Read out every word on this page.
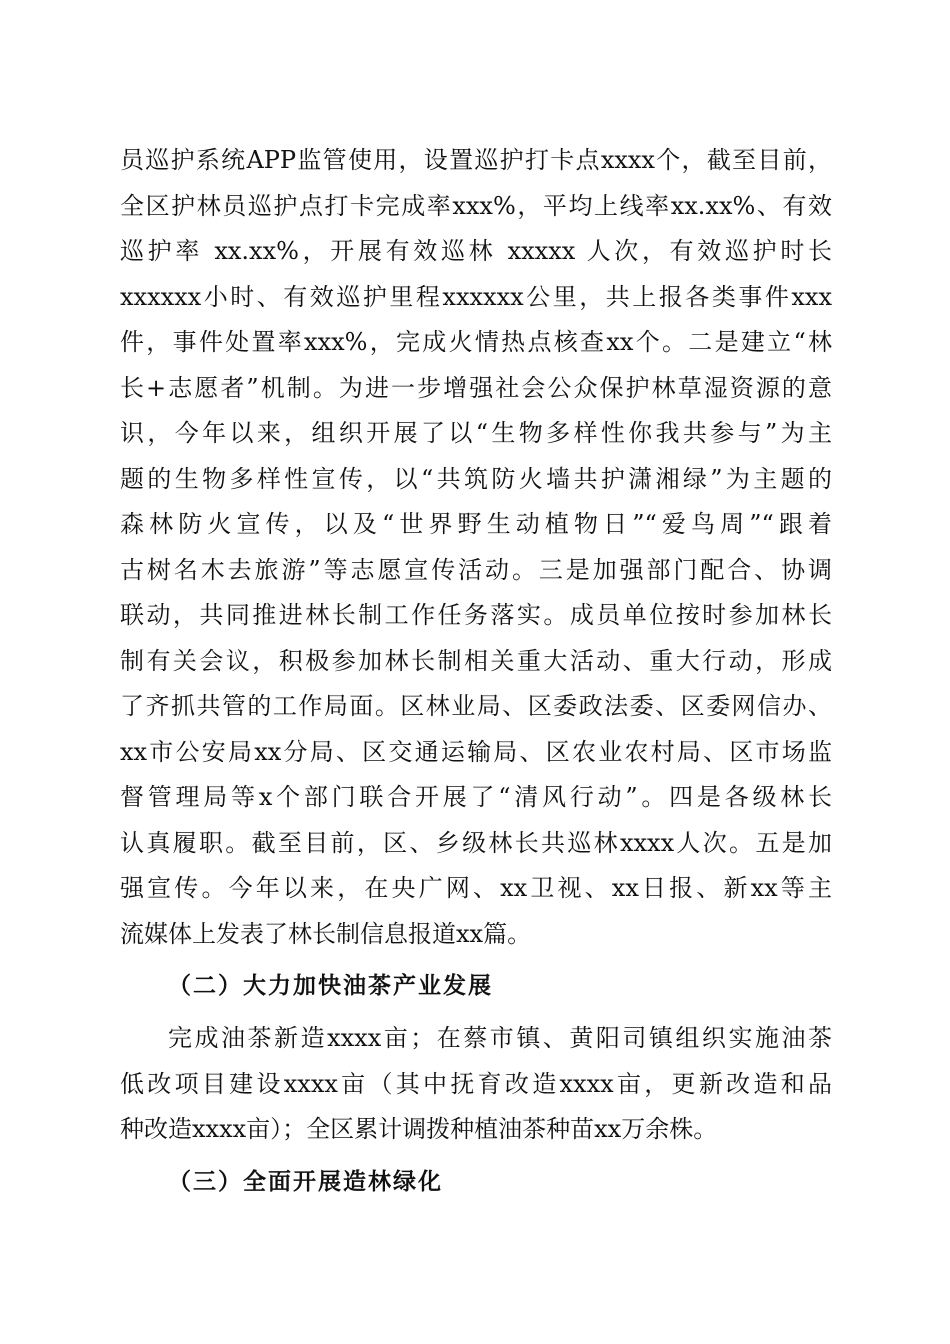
员巡护系统APP监管使用，设置巡护打卡点xxxx个，截至目前，
全区护林员巡护点打卡完成率xxx%，平均上线率xx.xx%、有效
巡护率 xx.xx%，开展有效巡林 xxxxx 人次，有效巡护时长
xxxxxx小时、有效巡护里程xxxxxx公里，共上报各类事件xxx
件，事件处置率xxx%，完成火情热点核查xx个。二是建立“林
长+志愿者”机制。为进一步增强社会公众保护林草湿资源的意
识，今年以来，组织开展了以“生物多样性你我共参与”为主
题的生物多样性宣传，以“共筑防火墙共护潇湘绿”为主题的
森林防火宣传，以及“世界野生动植物日”“爱鸟周”“跟着
古树名木去旅游”等志愿宣传活动。三是加强部门配合、协调
联动，共同推进林长制工作任务落实。成员单位按时参加林长
制有关会议，积极参加林长制相关重大活动、重大行动，形成
了齐抓共管的工作局面。区林业局、区委政法委、区委网信办、
xx市公安局xx分局、区交通运输局、区农业农村局、区市场监
督管理局等x个部门联合开展了“清风行动”。四是各级林长
认真履职。截至目前，区、乡级林长共巡林xxxx人次。五是加
强宣传。今年以来，在央广网、xx卫视、xx日报、新xx等主
流媒体上发表了林长制信息报道xx篇。
（二）大力加快油茶产业发展
完成油茶新造xxxx亩；在蔡市镇、黄阳司镇组织实施油茶
低改项目建设xxxx亩（其中抚育改造xxxx亩，更新改造和品
种改造xxxx亩）；全区累计调拨种植油茶种苗xx万余株。
（三）全面开展造林绿化
